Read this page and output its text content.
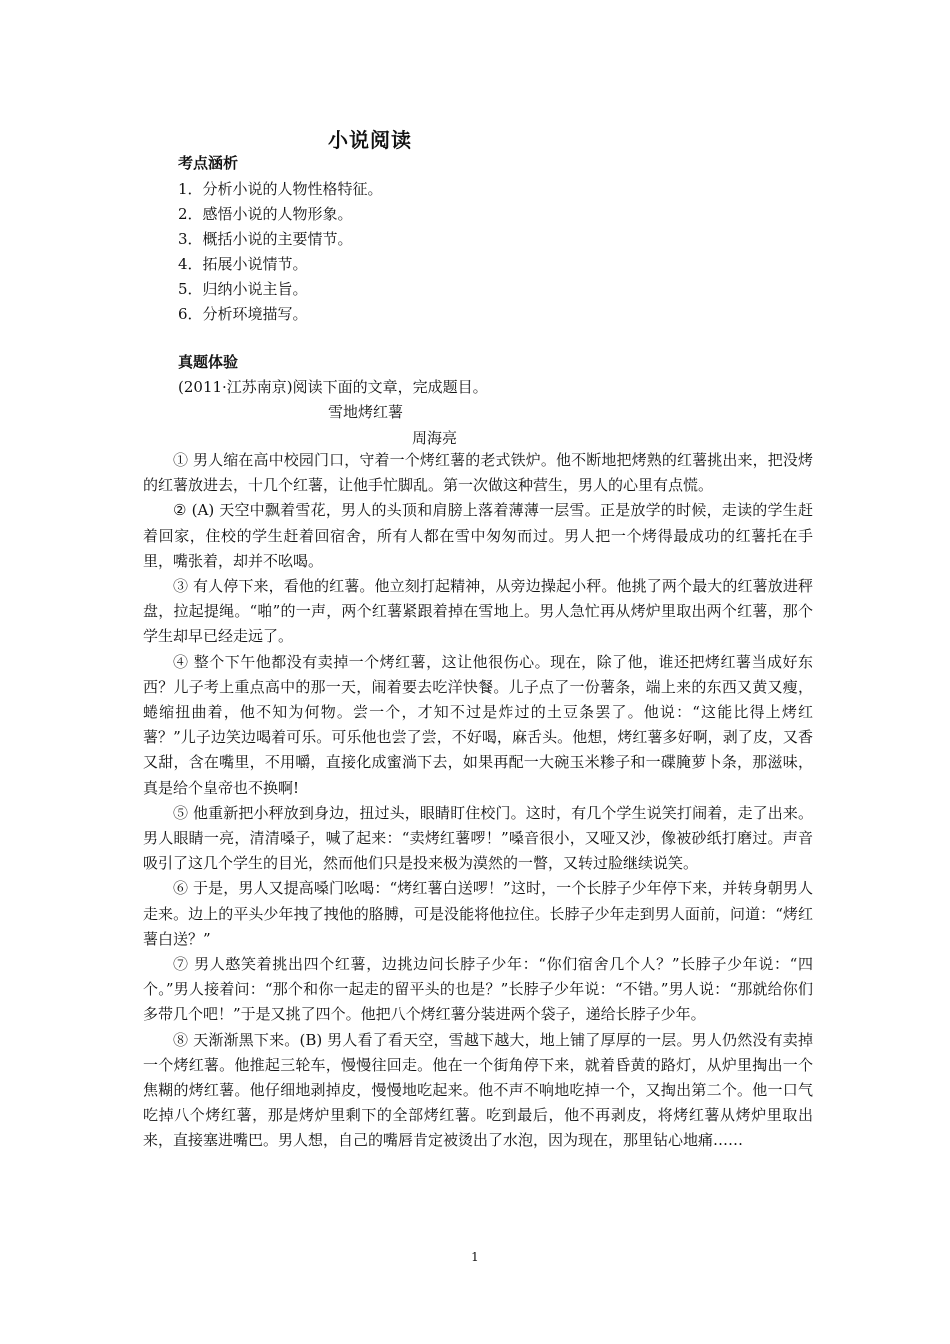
小说阅读
考点涵析
1．分析小说的人物性格特征。
2．感悟小说的人物形象。
3．概括小说的主要情节。
4．拓展小说情节。
5．归纳小说主旨。
6．分析环境描写。
真题体验
(2011·江苏南京)阅读下面的文章，完成题目。
雪地烤红薯
周海亮

① 男人缩在高中校园门口，守着一个烤红薯的老式铁炉。他不断地把烤熟的红薯挑出来，把没烤的红薯放进去，十几个红薯，让他手忙脚乱。第一次做这种营生，男人的心里有点慌。

② (A) 天空中飘着雪花，男人的头顶和肩膀上落着薄薄一层雪。正是放学的时候，走读的学生赶着回家，住校的学生赶着回宿舍，所有人都在雪中匆匆而过。男人把一个烤得最成功的红薯托在手里，嘴张着，却并不吆喝。

③ 有人停下来，看他的红薯。他立刻打起精神，从旁边操起小秤。他挑了两个最大的红薯放进秤盘，拉起提绳。“啪”的一声，两个红薯紧跟着掉在雪地上。男人急忙再从烤炉里取出两个红薯，那个学生却早已经走远了。

④ 整个下午他都没有卖掉一个烤红薯，这让他很伤心。现在，除了他，谁还把烤红薯当成好东西？儿子考上重点高中的那一天，闹着要去吃洋快餐。儿子点了一份薯条，端上来的东西又黄又瘦，蜷缩扭曲着，他不知为何物。尝一个，才知不过是炸过的土豆条罢了。他说：“这能比得上烤红薯？”儿子边笑边喝着可乐。可乐他也尝了尝，不好喝，麻舌头。他想，烤红薯多好啊，剥了皮，又香又甜，含在嘴里，不用嚼，直接化成蜜淌下去，如果再配一大碗玉米糁子和一碟腌萝卜条，那滋味，真是给个皇帝也不换啊!

⑤ 他重新把小秤放到身边，扭过头，眼睛盯住校门。这时，有几个学生说笑打闹着，走了出来。男人眼睛一亮，清清嗓子，喊了起来：“卖烤红薯啰！”嗓音很小，又哑又沙，像被砂纸打磨过。声音吸引了这几个学生的目光，然而他们只是投来极为漠然的一瞥，又转过脸继续说笑。

⑥ 于是，男人又提高嗓门吆喝：“烤红薯白送啰！”这时，一个长脖子少年停下来，并转身朝男人走来。边上的平头少年拽了拽他的胳膊，可是没能将他拉住。长脖子少年走到男人面前，问道：“烤红薯白送？”

⑦ 男人憨笑着挑出四个红薯，边挑边问长脖子少年：“你们宿舍几个人？”长脖子少年说：“四个。”男人接着问：“那个和你一起走的留平头的也是？”长脖子少年说：“不错。”男人说：“那就给你们多带几个吧！”于是又挑了四个。他把八个烤红薯分装进两个袋子，递给长脖子少年。

⑧ 天渐渐黑下来。(B) 男人看了看天空，雪越下越大，地上铺了厚厚的一层。男人仍然没有卖掉一个烤红薯。他推起三轮车，慢慢往回走。他在一个街角停下来，就着昏黄的路灯，从炉里掏出一个焦糊的烤红薯。他仔细地剥掉皮，慢慢地吃起来。他不声不响地吃掉一个，又掏出第二个。他一口气吃掉八个烤红薯，那是烤炉里剩下的全部烤红薯。吃到最后，他不再剥皮，将烤红薯从烤炉里取出来，直接塞进嘴巴。男人想，自己的嘴唇肯定被烫出了水泡，因为现在，那里钻心地痛……

1
